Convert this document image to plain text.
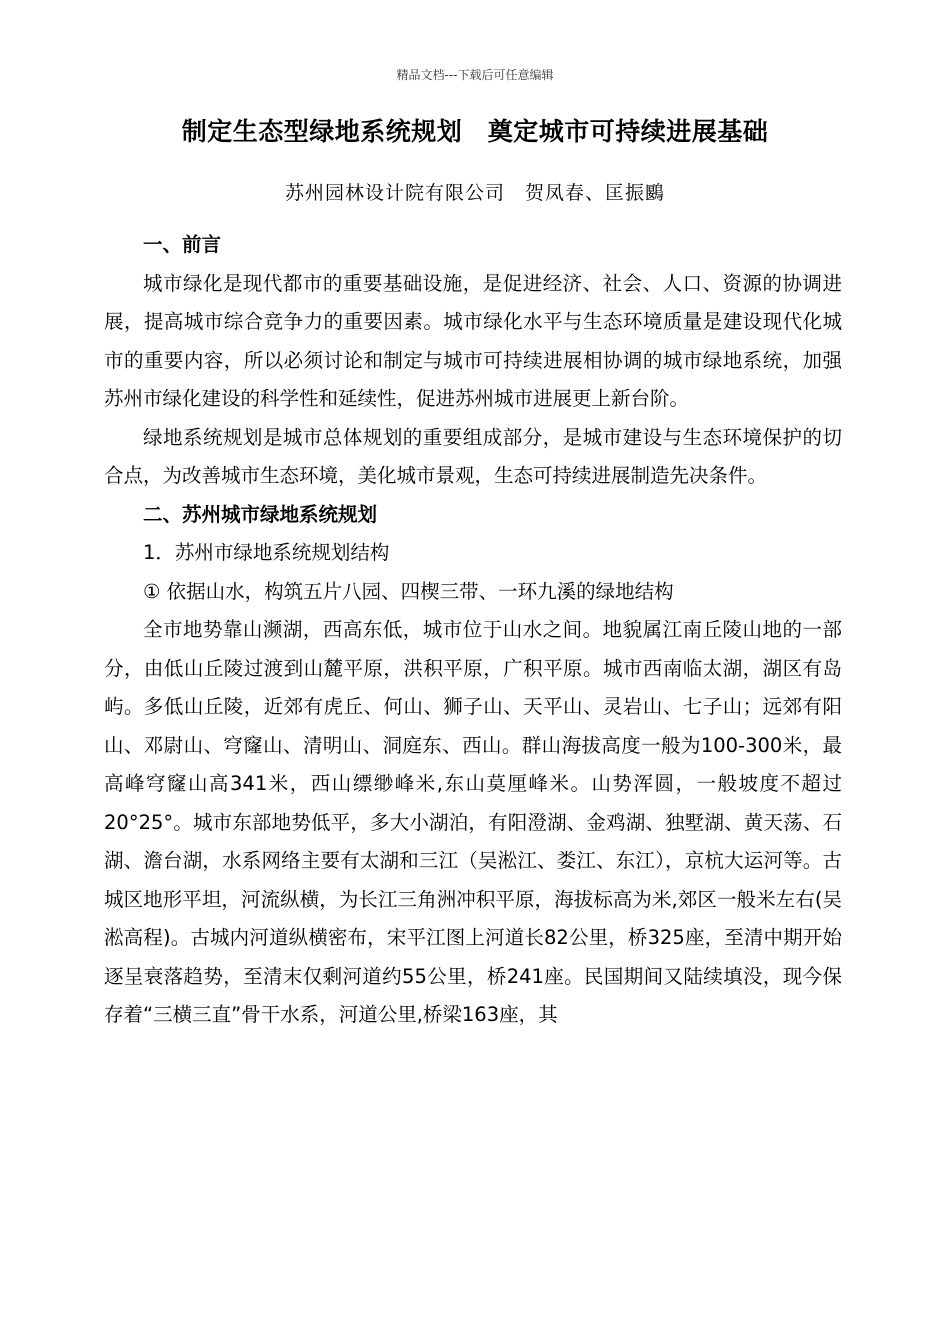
精品文档---下载后可任意编辑
制定生态型绿地系统规划　奠定城市可持续进展基础
苏州园林设计院有限公司　贺凤春、匡振鶠

一、前言

城市绿化是现代都市的重要基础设施，是促进经济、社会、人口、资源的协调进展，提高城市综合竞争力的重要因素。城市绿化水平与生态环境质量是建设现代化城市的重要内容，所以必须讨论和制定与城市可持续进展相协调的城市绿地系统，加强苏州市绿化建设的科学性和延续性，促进苏州城市进展更上新台阶。

绿地系统规划是城市总体规划的重要组成部分，是城市建设与生态环境保护的切合点，为改善城市生态环境，美化城市景观，生态可持续进展制造先决条件。

二、苏州城市绿地系统规划

1．苏州市绿地系统规划结构

① 依据山水，构筑五片八园、四楔三带、一环九溪的绿地结构

全市地势靠山濒湖，西高东低，城市位于山水之间。地貌属江南丘陵山地的一部分，由低山丘陵过渡到山麓平原，洪积平原，广积平原。城市西南临太湖，湖区有岛屿。多低山丘陵，近郊有虎丘、何山、狮子山、天平山、灵岩山、七子山；远郊有阳山、邓尉山、穹窿山、清明山、洞庭东、西山。群山海拔高度一般为100-300米，最高峰穹窿山高341米，西山缥缈峰米,东山莫厘峰米。山势浑圆，一般坡度不超过20°25°。城市东部地势低平，多大小湖泊，有阳澄湖、金鸡湖、独墅湖、黄天荡、石湖、澹台湖，水系网络主要有太湖和三江（吴淞江、娄江、东江），京杭大运河等。古城区地形平坦，河流纵横，为长江三角洲冲积平原，海拔标高为米,郊区一般米左右(吴淞高程)。古城内河道纵横密布，宋平江图上河道长82公里，桥325座，至清中期开始逐呈衰落趋势，至清末仅剩河道约55公里，桥241座。民国期间又陆续填没，现今保存着“三横三直”骨干水系，河道公里,桥梁163座，其
